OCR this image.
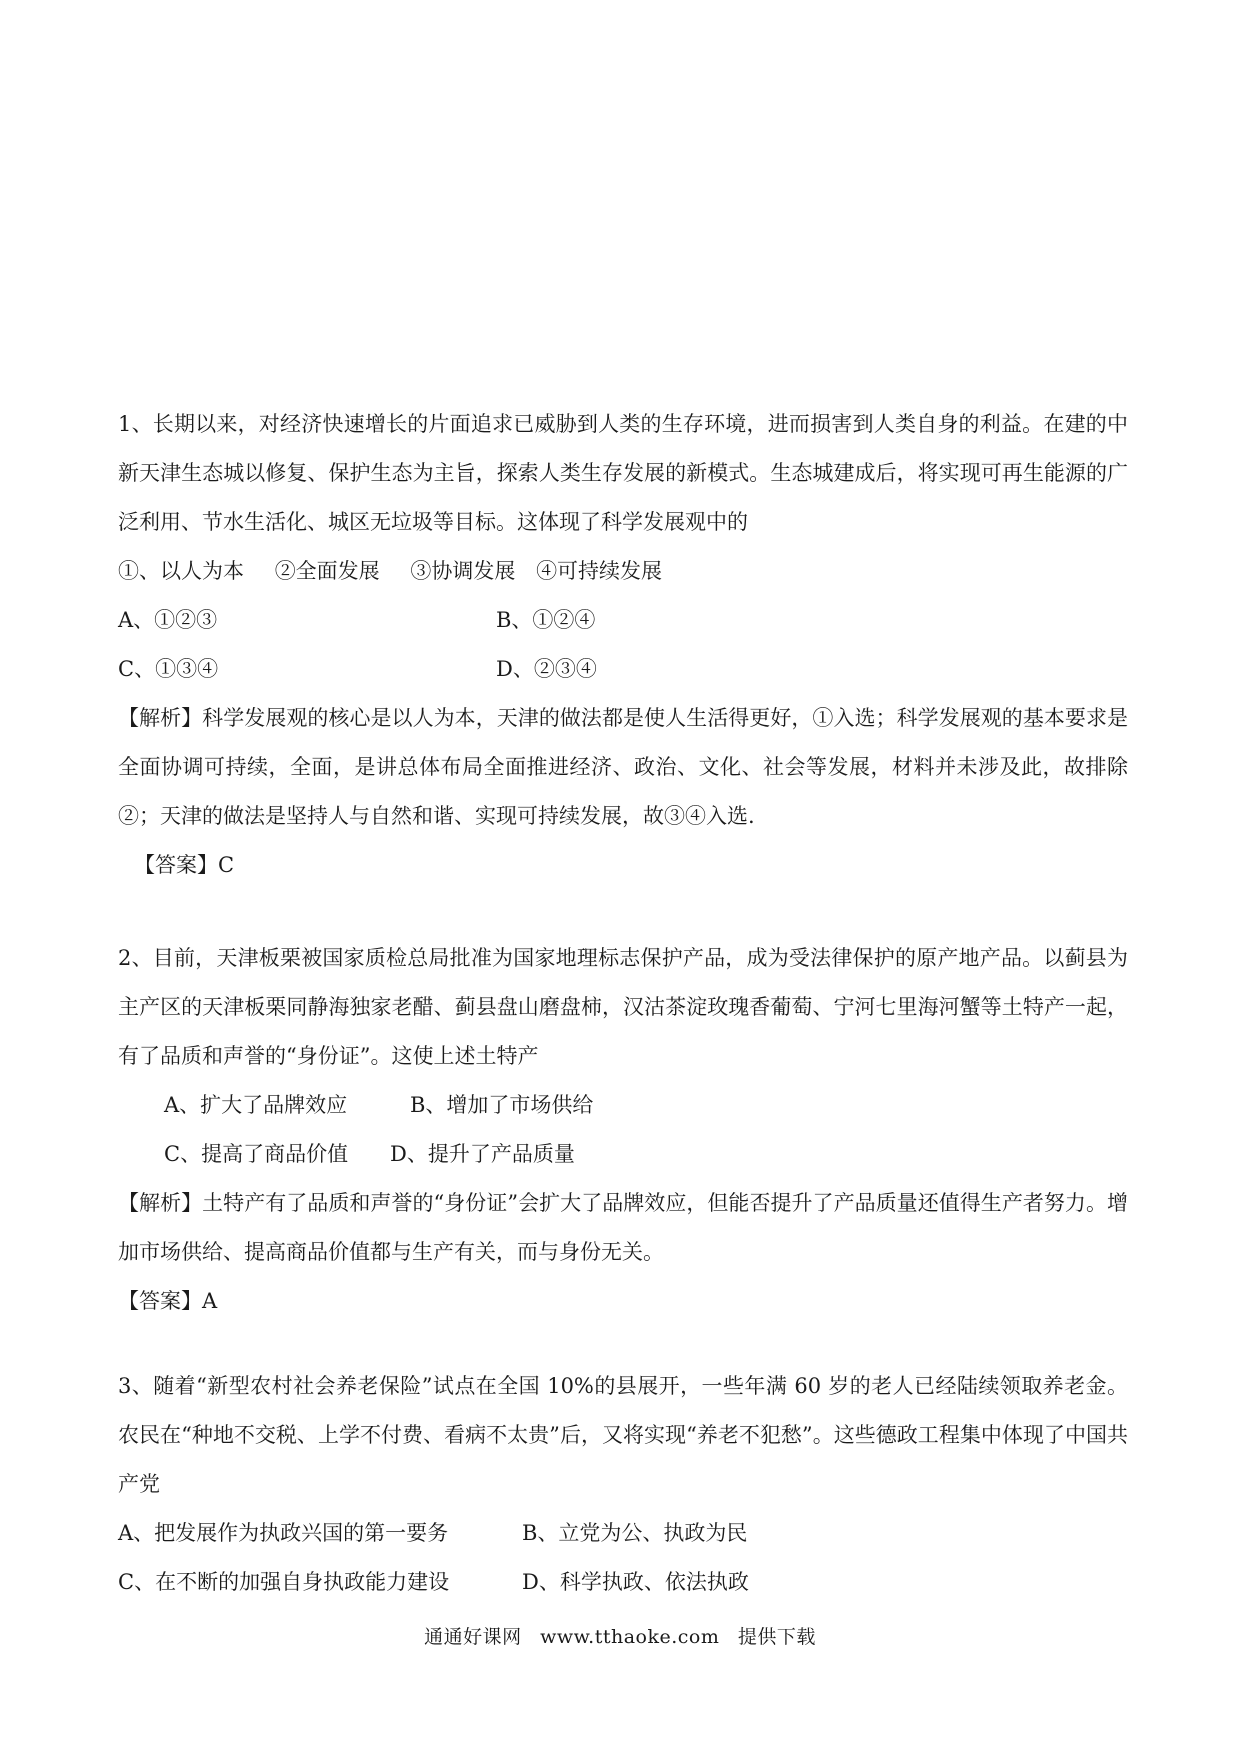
1、长期以来，对经济快速增长的片面追求已威胁到人类的生存环境，进而损害到人类自身的利益。在建的中新天津生态城以修复、保护生态为主旨，探索人类生存发展的新模式。生态城建成后，将实现可再生能源的广泛利用、节水生活化、城区无垃圾等目标。这体现了科学发展观中的

①、以人为本 ②全面发展 ③协调发展 ④可持续发展

A、①②③	B、①②④
C、①③④	D、②③④

【解析】科学发展观的核心是以人为本，天津的做法都是使人生活得更好，①入选；科学发展观的基本要求是全面协调可持续，全面，是讲总体布局全面推进经济、政治、文化、社会等发展，材料并未涉及此，故排除②；天津的做法是坚持人与自然和谐、实现可持续发展，故③④入选.

【答案】C

2、目前，天津板栗被国家质检总局批准为国家地理标志保护产品，成为受法律保护的原产地产品。以蓟县为主产区的天津板栗同静海独家老醋、蓟县盘山磨盘柿，汉沽茶淀玫瑰香葡萄、宁河七里海河蟹等土特产一起，有了品质和声誉的“身份证”。这使上述土特产

A、扩大了品牌效应	B、增加了市场供给
C、提高了商品价值	D、提升了产品质量

【解析】土特产有了品质和声誉的“身份证”会扩大了品牌效应，但能否提升了产品质量还值得生产者努力。增加市场供给、提高商品价值都与生产有关，而与身份无关。

【答案】A

3、随着“新型农村社会养老保险”试点在全国 10%的县展开，一些年满 60 岁的老人已经陆续领取养老金。农民在“种地不交税、上学不付费、看病不太贵”后，又将实现“养老不犯愁”。这些德政工程集中体现了中国共产党

A、把发展作为执政兴国的第一要务	B、立党为公、执政为民
C、在不断的加强自身执政能力建设	D、科学执政、依法执政
通通好课网 www.tthaoke.com 提供下载
